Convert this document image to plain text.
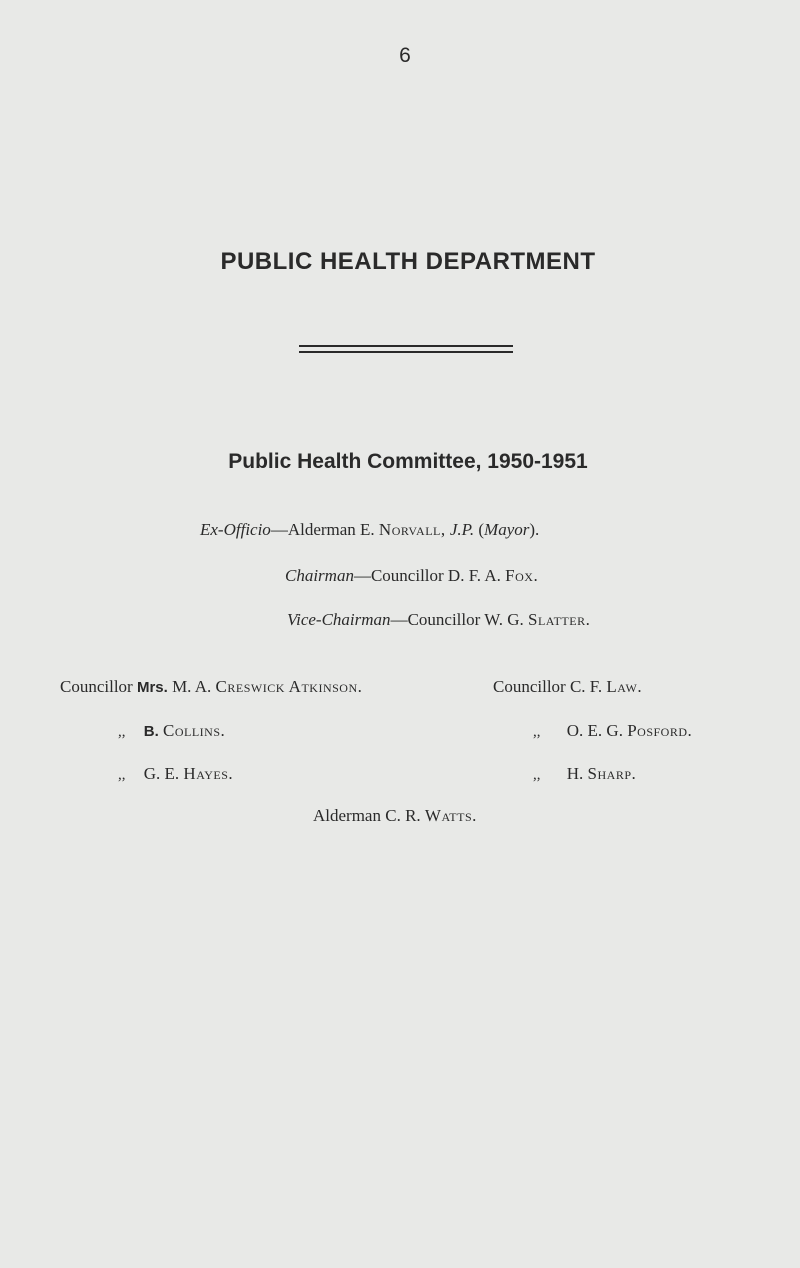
6
PUBLIC HEALTH DEPARTMENT
Public Health Committee, 1950-1951
Ex-Officio—Alderman E. Norvall, J.P. (Mayor).
Chairman—Councillor D. F. A. Fox.
Vice-Chairman—Councillor W. G. Slatter.
Councillor Mrs. M. A. Creswick Atkinson.
,, B. Collins.
,, G. E. Hayes.
Councillor C. F. Law.
,, O. E. G. Posford.
,, H. Sharp.
Alderman C. R. Watts.
